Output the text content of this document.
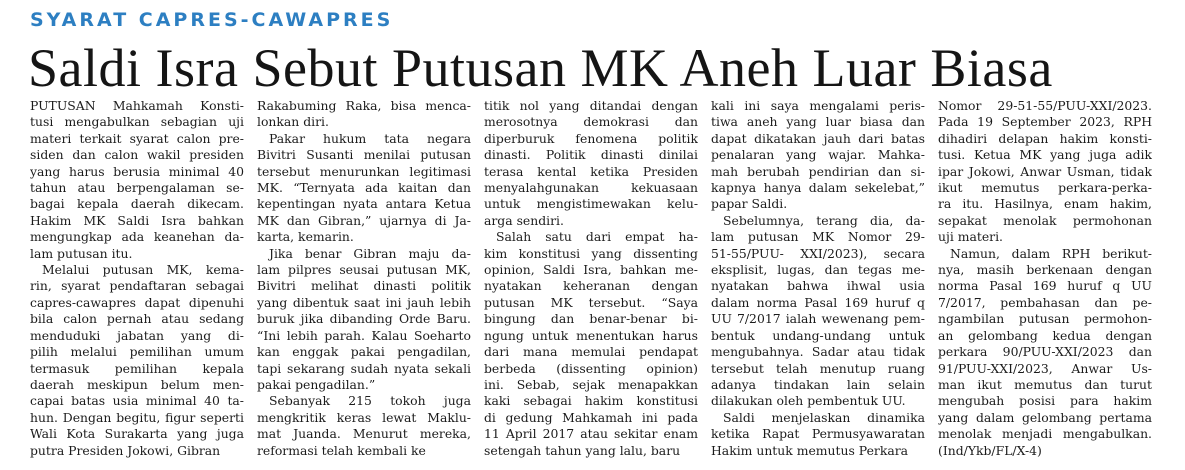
SYARAT CAPRES-CAWAPRES
Saldi Isra Sebut Putusan MK Aneh Luar Biasa

PUTUSAN Mahkamah Konsti-
tusi mengabulkan sebagian uji
materi terkait syarat calon pre-
siden dan calon wakil presiden
yang harus berusia minimal 40
tahun atau berpengalaman se-
bagai kepala daerah dikecam.
Hakim MK Saldi Isra bahkan
mengungkap ada keanehan da-
lam putusan itu.

Melalui putusan MK, kema-
rin, syarat pendaftaran sebagai
capres-cawapres dapat dipenuhi
bila calon pernah atau sedang
menduduki jabatan yang di-
pilih melalui pemilihan umum
termasuk pemilihan kepala
daerah meskipun belum men-
capai batas usia minimal 40 ta-
hun. Dengan begitu, figur seperti
Wali Kota Surakarta yang juga
putra Presiden Jokowi, Gibran

Rakabuming Raka, bisa menca-
lonkan diri.

Pakar hukum tata negara
Bivitri Susanti menilai putusan
tersebut menurunkan legitimasi
MK. “Ternyata ada kaitan dan
kepentingan nyata antara Ketua
MK dan Gibran,” ujarnya di Ja-
karta, kemarin.

Jika benar Gibran maju da-
lam pilpres seusai putusan MK,
Bivitri melihat dinasti politik
yang dibentuk saat ini jauh lebih
buruk jika dibanding Orde Baru.
“Ini lebih parah. Kalau Soeharto
kan enggak pakai pengadilan,
tapi sekarang sudah nyata sekali
pakai pengadilan.”

Sebanyak 215 tokoh juga
mengkritik keras lewat Maklu-
mat Juanda. Menurut mereka,
reformasi telah kembali ke

titik nol yang ditandai dengan
merosotnya demokrasi dan
diperburuk fenomena politik
dinasti. Politik dinasti dinilai
terasa kental ketika Presiden
menyalahgunakan kekuasaan
untuk mengistimewakan kelu-
arga sendiri.

Salah satu dari empat ha-
kim konstitusi yang dissenting
opinion, Saldi Isra, bahkan me-
nyatakan keheranan dengan
putusan MK tersebut. “Saya
bingung dan benar-benar bi-
ngung untuk menentukan harus
dari mana memulai pendapat
berbeda (dissenting opinion)
ini. Sebab, sejak menapakkan
kaki sebagai hakim konstitusi
di gedung Mahkamah ini pada
11 April 2017 atau sekitar enam
setengah tahun yang lalu, baru

kali ini saya mengalami peris-
tiwa aneh yang luar biasa dan
dapat dikatakan jauh dari batas
penalaran yang wajar. Mahka-
mah berubah pendirian dan si-
kapnya hanya dalam sekelebat,”
papar Saldi.

Sebelumnya, terang dia, da-
lam putusan MK Nomor 29-
51-55/PUU- XXI/2023), secara
eksplisit, lugas, dan tegas me-
nyatakan bahwa ihwal usia
dalam norma Pasal 169 huruf q
UU 7/2017 ialah wewenang pem-
bentuk undang-undang untuk
mengubahnya. Sadar atau tidak
tersebut telah menutup ruang
adanya tindakan lain selain
dilakukan oleh pembentuk UU.

Saldi menjelaskan dinamika
ketika Rapat Permusyawaratan
Hakim untuk memutus Perkara

Nomor 29-51-55/PUU-XXI/2023.
Pada 19 September 2023, RPH
dihadiri delapan hakim konsti-
tusi. Ketua MK yang juga adik
ipar Jokowi, Anwar Usman, tidak
ikut memutus perkara-perka-
ra itu. Hasilnya, enam hakim,
sepakat menolak permohonan
uji materi.

Namun, dalam RPH berikut-
nya, masih berkenaan dengan
norma Pasal 169 huruf q UU
7/2017, pembahasan dan pe-
ngambilan putusan permohon-
an gelombang kedua dengan
perkara 90/PUU-XXI/2023 dan
91/PUU-XXI/2023, Anwar Us-
man ikut memutus dan turut
mengubah posisi para hakim
yang dalam gelombang pertama
menolak menjadi mengabulkan.
(Ind/Ykb/FL/X-4)
